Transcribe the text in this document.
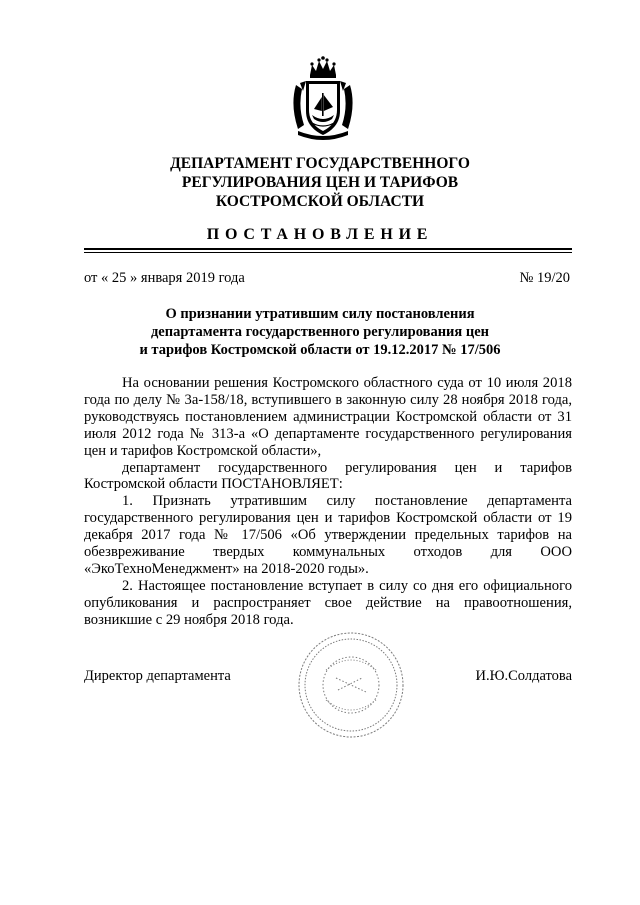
ДЕПАРТАМЕНТ ГОСУДАРСТВЕННОГО
РЕГУЛИРОВАНИЯ ЦЕН И ТАРИФОВ
КОСТРОМСКОЙ ОБЛАСТИ
ПОСТАНОВЛЕНИЕ
от « 25 » января 2019 года	№ 19/20
О признании утратившим силу постановления
департамента государственного регулирования цен
и тарифов Костромской области от 19.12.2017 № 17/506

На основании решения Костромского областного суда от 10 июля 2018 года по делу № 3а-158/18, вступившего в законную силу 28 ноября 2018 года, руководствуясь постановлением администрации Костромской области от 31 июля 2012 года № 313-а «О департаменте государственного регулирования цен и тарифов Костромской области»,

департамент государственного регулирования цен и тарифов Костромской области ПОСТАНОВЛЯЕТ:

1. Признать утратившим силу постановление департамента государственного регулирования цен и тарифов Костромской области от 19 декабря 2017 года № 17/506 «Об утверждении предельных тарифов на обезвреживание твердых коммунальных отходов для ООО «ЭкоТехноМенеджмент» на 2018-2020 годы».

2. Настоящее постановление вступает в силу со дня его официального опубликования и распространяет свое действие на правоотношения, возникшие с 29 ноября 2018 года.

Директор департамента	И.Ю.Солдатова
